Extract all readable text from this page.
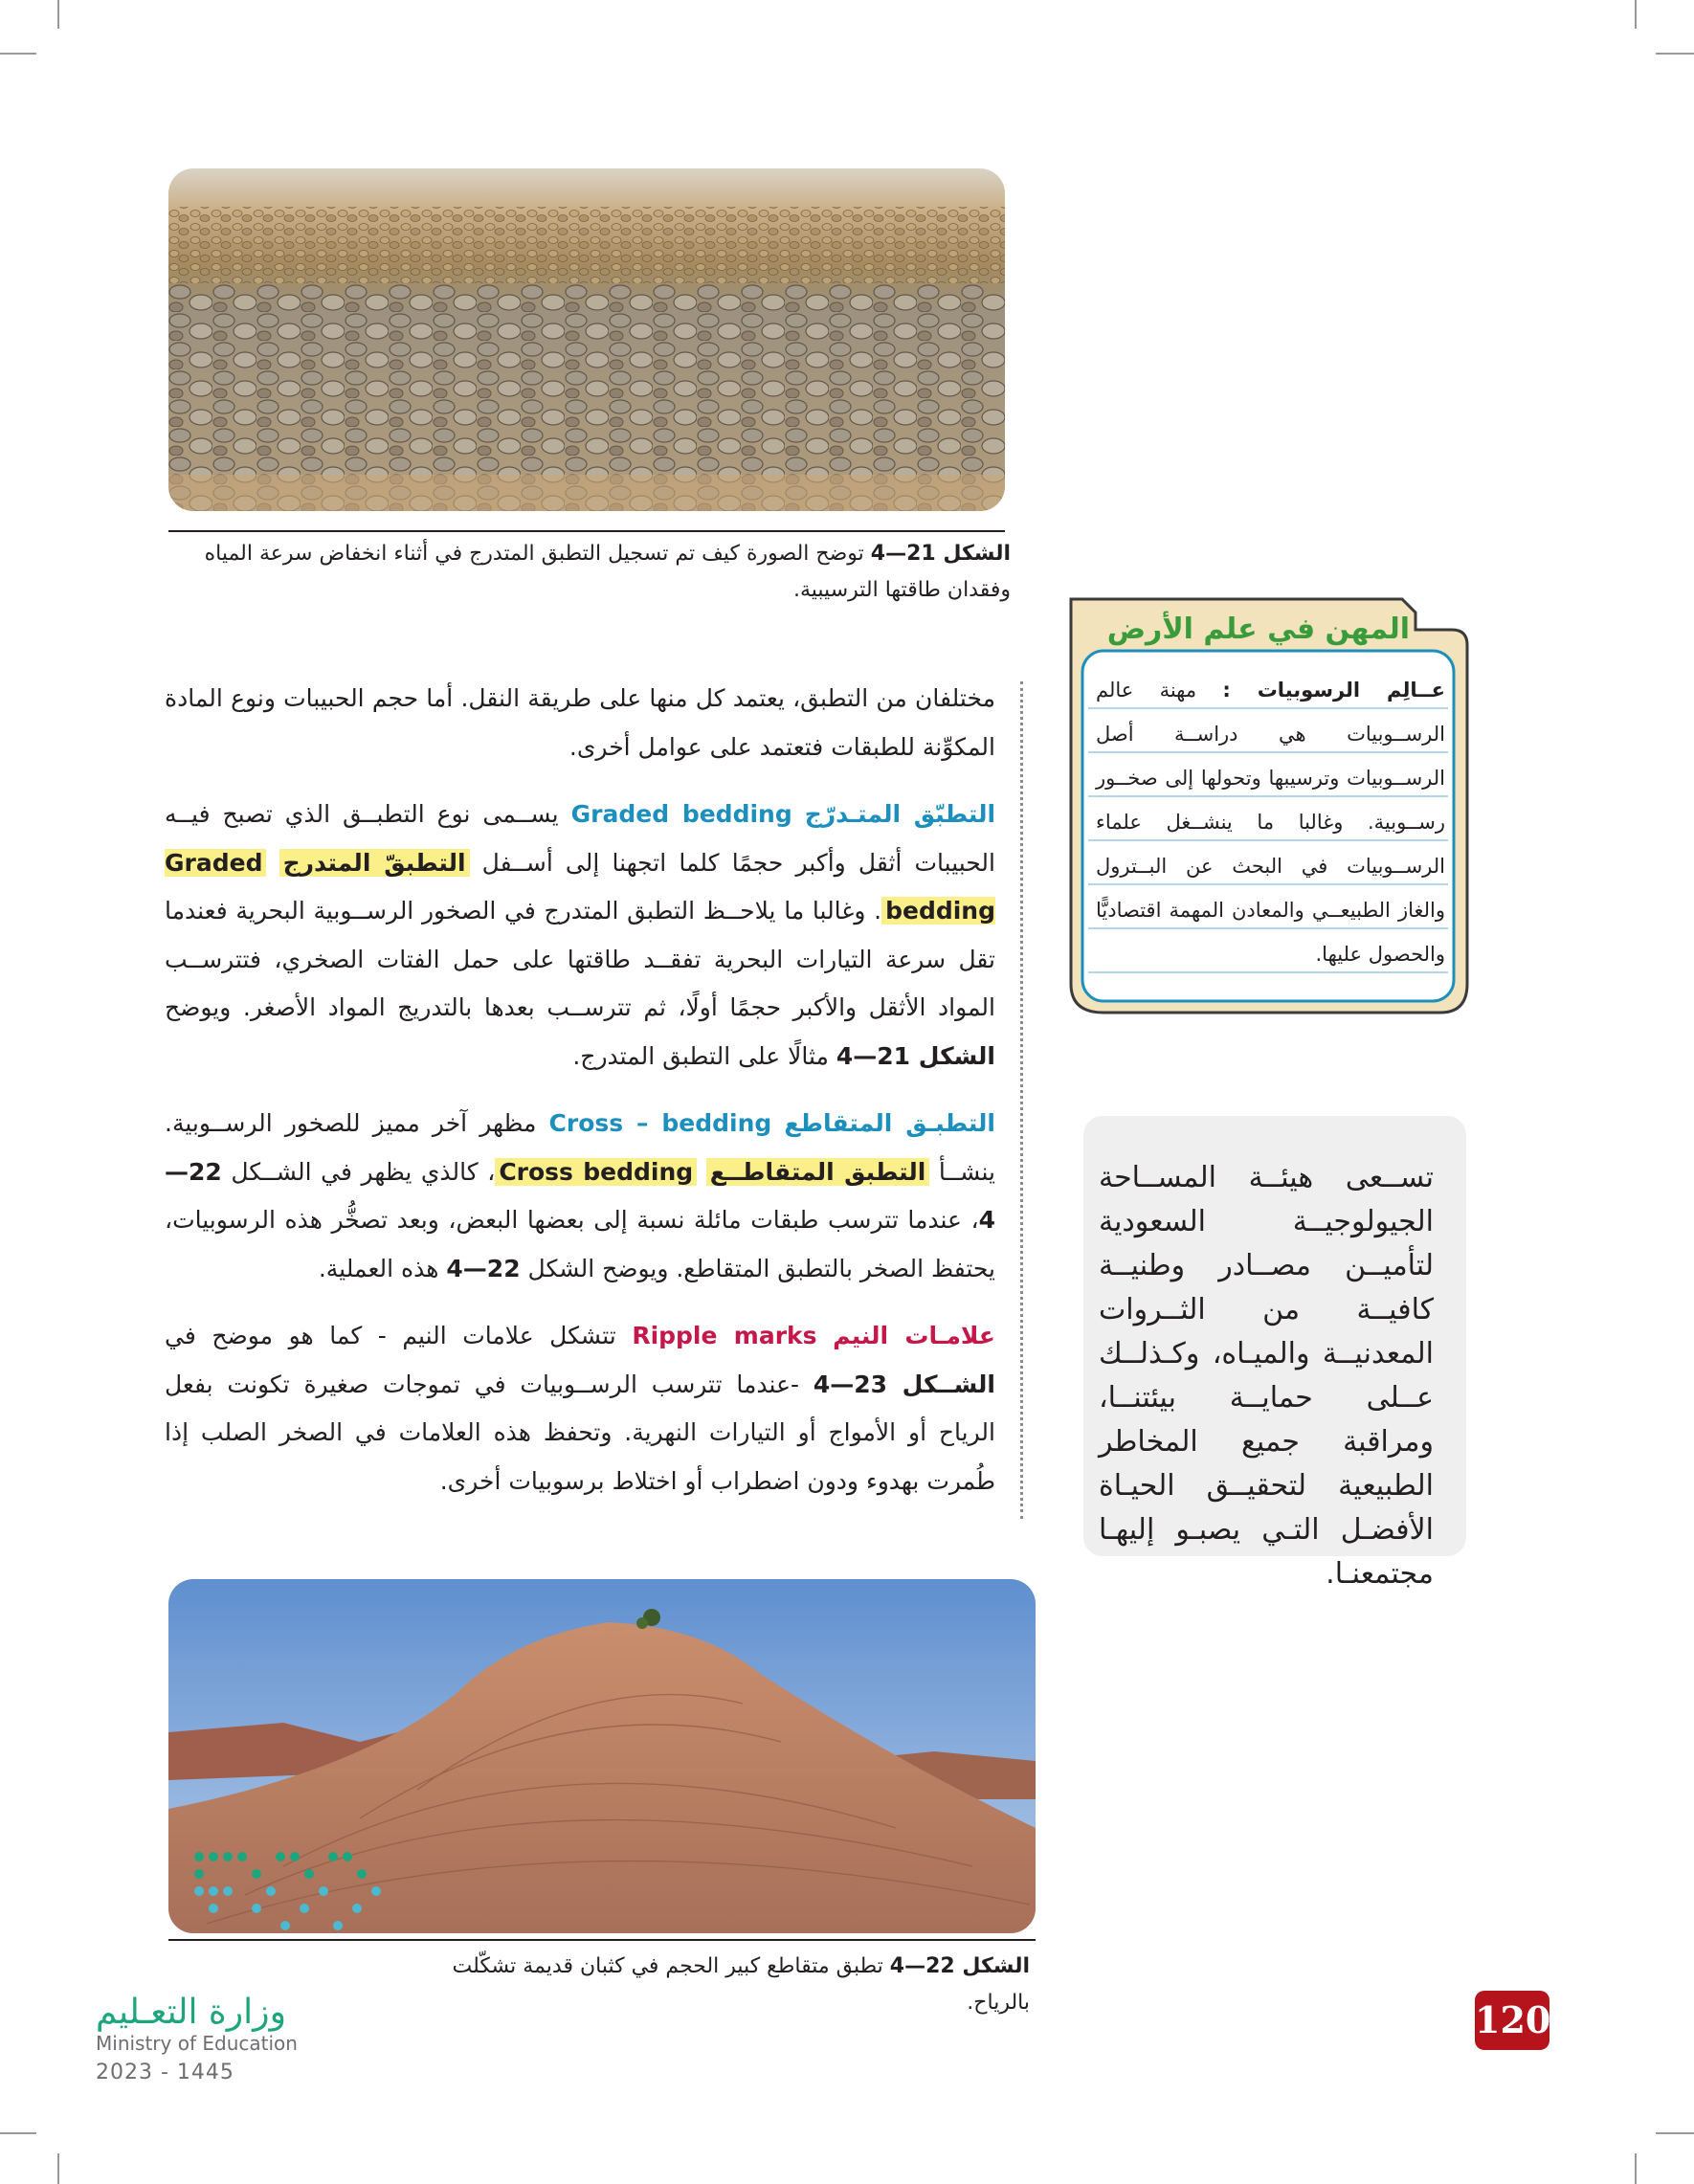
الشكل 21—4 توضح الصورة كيف تم تسجيل التطبق المتدرج في أثناء انخفاض سرعة المياه وفقدان طاقتها الترسيبية.

مختلفان من التطبق، يعتمد كل منها على طريقة النقل. أما حجم الحبيبات ونوع المادة المكوِّنة للطبقات فتعتمد على عوامل أخرى.

التطبّق المتـدرّج Graded bedding يســمى نوع التطبــق الذي تصبح فيــه الحبيبات أثقل وأكبر حجمًا كلما اتجهنا إلى أســفل التطبقّ المتدرج Graded bedding. وغالبا ما يلاحــظ التطبق المتدرج في الصخور الرســوبية البحرية فعندما تقل سرعة التيارات البحرية تفقــد طاقتها على حمل الفتات الصخري، فتترســب المواد الأثقل والأكبر حجمًا أولًا، ثم تترســب بعدها بالتدريج المواد الأصغر. ويوضح الشكل 21—4 مثالًا على التطبق المتدرج.

التطبـق المتقاطع Cross – bedding مظهر آخر مميز للصخور الرســوبية. ينشــأ التطبق المتقاطــع Cross bedding، كالذي يظهر في الشــكل 22—4، عندما تترسب طبقات مائلة نسبة إلى بعضها البعض، وبعد تصخُّر هذه الرسوبيات، يحتفظ الصخر بالتطبق المتقاطع. ويوضح الشكل 22—4 هذه العملية.

علامـات النيم Ripple marks تتشكل علامات النيم - كما هو موضح في الشــكل 23—4 -عندما تترسب الرســوبيات في تموجات صغيرة تكونت بفعل الرياح أو الأمواج أو التيارات النهرية. وتحفظ هذه العلامات في الصخر الصلب إذا طُمرت بهدوء ودون اضطراب أو اختلاط برسوبيات أخرى.

المهن في علم الأرض
عــالِم الرسوبيات : مهنة عالم الرســوبيات هي دراســة أصل الرســوبيات وترسيبها وتحولها إلى صخــور رســوبية. وغالبا ما ينشــغل علماء الرســوبيات في البحث عن البــترول والغاز الطبيعــي والمعادن المهمة اقتصاديًّا والحصول عليها.
تســعى هيئــة المســاحة الجيولوجيــة السعودية لتأميــن مصــادر وطنيــة كافيــة من الثــروات المعدنيــة والميـاه، وكـذلــك عــلى حمايــة بيئتنــا، ومراقبة جميع المخاطر الطبيعية لتحقيــق الحيـاة الأفضـل التـي يصبـو إليهـا مجتمعنـا.
الشكل 22—4 تطبق متقاطع كبير الحجم في كثبان قديمة تشكّلت بالرياح.
وزارة التعـليم
Ministry of Education
2023 - 1445
120
